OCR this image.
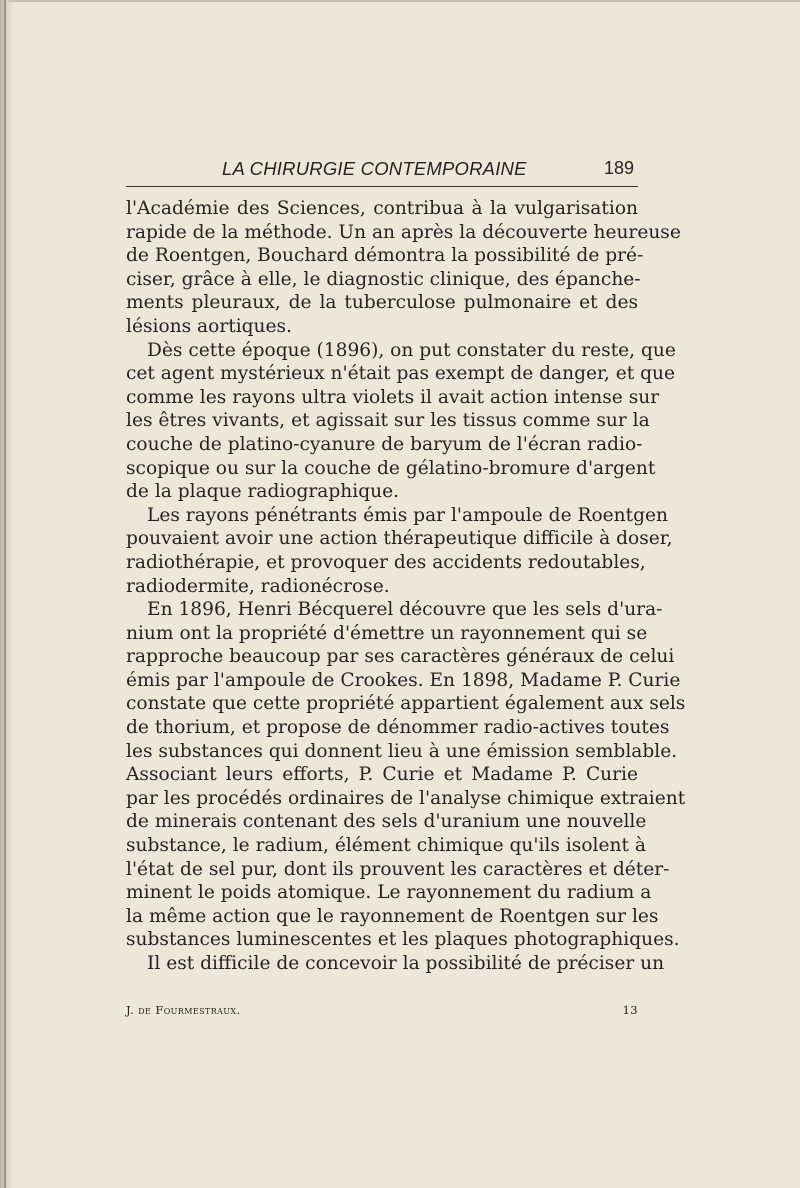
LA CHIRURGIE CONTEMPORAINE	189
l'Académie des Sciences, contribua à la vulgarisation
rapide de la méthode. Un an après la découverte heureuse
de Roentgen, Bouchard démontra la possibilité de pré-
ciser, grâce à elle, le diagnostic clinique, des épanche-
ments pleuraux, de la tuberculose pulmonaire et des
lésions aortiques.
Dès cette époque (1896), on put constater du reste, que
cet agent mystérieux n'était pas exempt de danger, et que
comme les rayons ultra violets il avait action intense sur
les êtres vivants, et agissait sur les tissus comme sur la
couche de platino-cyanure de baryum de l'écran radio-
scopique ou sur la couche de gélatino-bromure d'argent
de la plaque radiographique.
Les rayons pénétrants émis par l'ampoule de Roentgen
pouvaient avoir une action thérapeutique difficile à doser,
radiothérapie, et provoquer des accidents redoutables,
radiodermite, radionécrose.
En 1896, Henri Bécquerel découvre que les sels d'ura-
nium ont la propriété d'émettre un rayonnement qui se
rapproche beaucoup par ses caractères généraux de celui
émis par l'ampoule de Crookes. En 1898, Madame P. Curie
constate que cette propriété appartient également aux sels
de thorium, et propose de dénommer radio-actives toutes
les substances qui donnent lieu à une émission semblable.
Associant leurs efforts, P. Curie et Madame P. Curie
par les procédés ordinaires de l'analyse chimique extraient
de minerais contenant des sels d'uranium une nouvelle
substance, le radium, élément chimique qu'ils isolent à
l'état de sel pur, dont ils prouvent les caractères et déter-
minent le poids atomique. Le rayonnement du radium a
la même action que le rayonnement de Roentgen sur les
substances luminescentes et les plaques photographiques.
Il est difficile de concevoir la possibilité de préciser un
J. de Fourmestraux.	13
